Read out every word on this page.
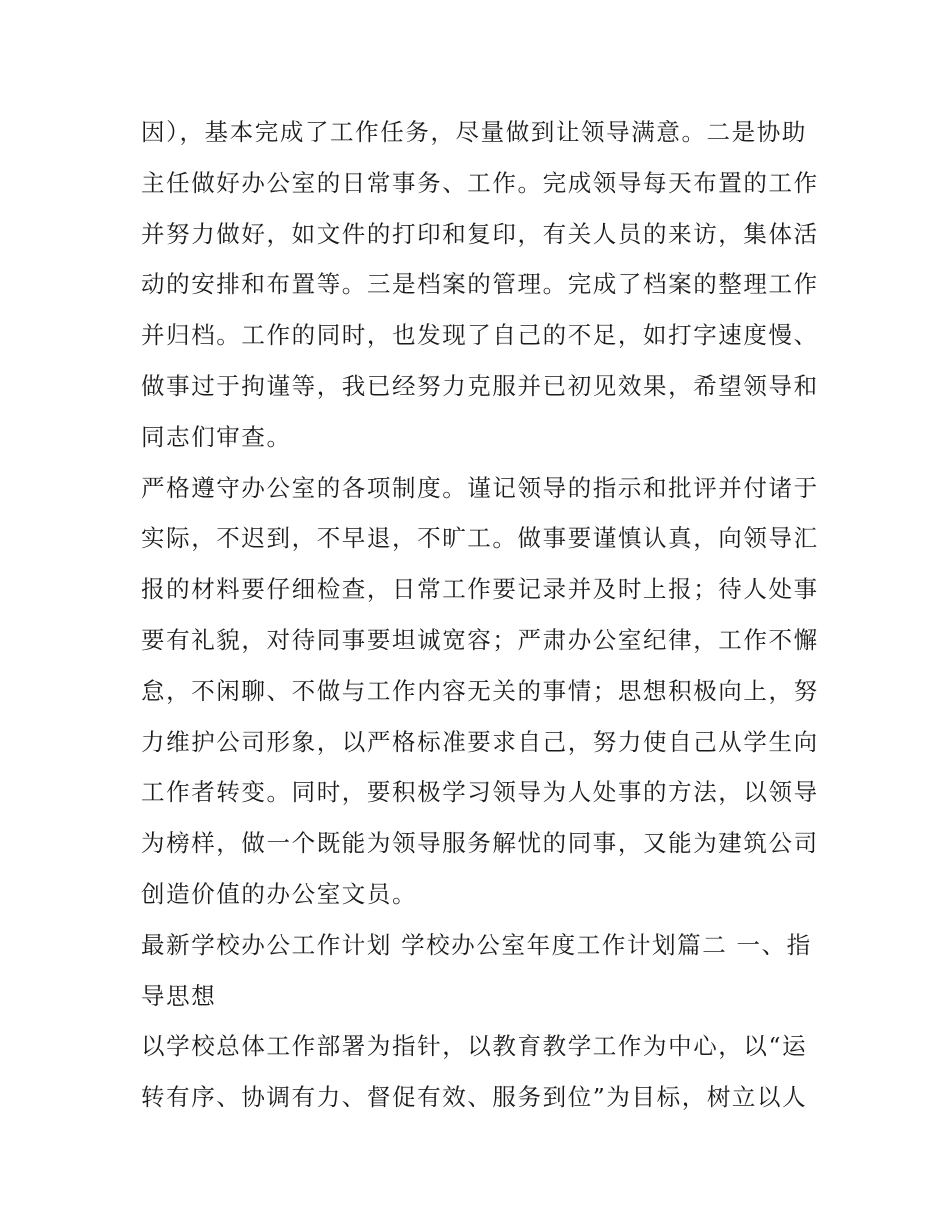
因），基本完成了工作任务，尽量做到让领导满意。二是协助
主任做好办公室的日常事务、工作。完成领导每天布置的工作
并努力做好，如文件的打印和复印，有关人员的来访，集体活
动的安排和布置等。三是档案的管理。完成了档案的整理工作
并归档。工作的同时，也发现了自己的不足，如打字速度慢、
做事过于拘谨等，我已经努力克服并已初见效果，希望领导和
同志们审查。
严格遵守办公室的各项制度。谨记领导的指示和批评并付诸于
实际，不迟到，不早退，不旷工。做事要谨慎认真，向领导汇
报的材料要仔细检查，日常工作要记录并及时上报；待人处事
要有礼貌，对待同事要坦诚宽容；严肃办公室纪律，工作不懈
怠，不闲聊、不做与工作内容无关的事情；思想积极向上，努
力维护公司形象，以严格标准要求自己，努力使自己从学生向
工作者转变。同时，要积极学习领导为人处事的方法，以领导
为榜样，做一个既能为领导服务解忧的同事，又能为建筑公司
创造价值的办公室文员。
最新学校办公工作计划 学校办公室年度工作计划篇二 一、指
导思想
以学校总体工作部署为指针，以教育教学工作为中心，以“运
转有序、协调有力、督促有效、服务到位”为目标，树立以人
